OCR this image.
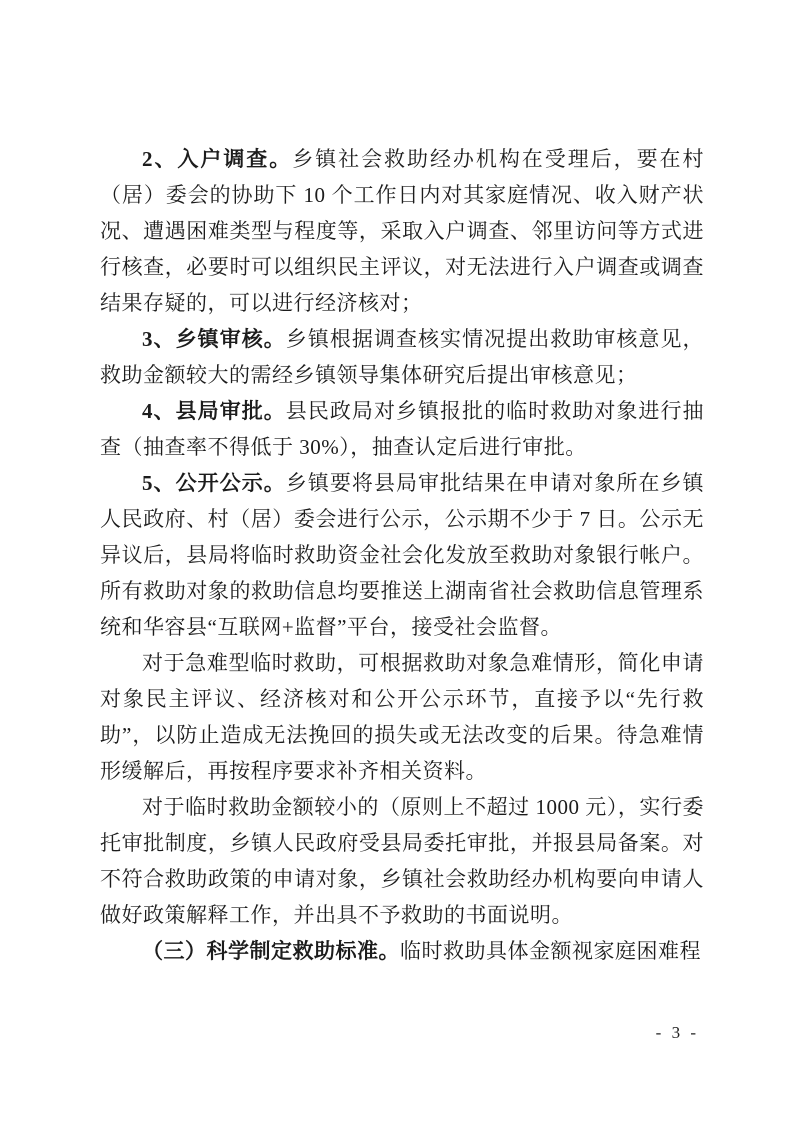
2、入户调查。乡镇社会救助经办机构在受理后，要在村（居）委会的协助下 10 个工作日内对其家庭情况、收入财产状况、遭遇困难类型与程度等，采取入户调查、邻里访问等方式进行核查，必要时可以组织民主评议，对无法进行入户调查或调查结果存疑的，可以进行经济核对；

3、乡镇审核。乡镇根据调查核实情况提出救助审核意见，救助金额较大的需经乡镇领导集体研究后提出审核意见；

4、县局审批。县民政局对乡镇报批的临时救助对象进行抽查（抽查率不得低于 30%），抽查认定后进行审批。

5、公开公示。乡镇要将县局审批结果在申请对象所在乡镇人民政府、村（居）委会进行公示，公示期不少于 7 日。公示无异议后，县局将临时救助资金社会化发放至救助对象银行帐户。所有救助对象的救助信息均要推送上湖南省社会救助信息管理系统和华容县“互联网+监督”平台，接受社会监督。

对于急难型临时救助，可根据救助对象急难情形，简化申请对象民主评议、经济核对和公开公示环节，直接予以“先行救助”，以防止造成无法挽回的损失或无法改变的后果。待急难情形缓解后，再按程序要求补齐相关资料。

对于临时救助金额较小的（原则上不超过 1000 元），实行委托审批制度，乡镇人民政府受县局委托审批，并报县局备案。对不符合救助政策的申请对象，乡镇社会救助经办机构要向申请人做好政策解释工作，并出具不予救助的书面说明。

（三）科学制定救助标准。临时救助具体金额视家庭困难程

- 3 -
